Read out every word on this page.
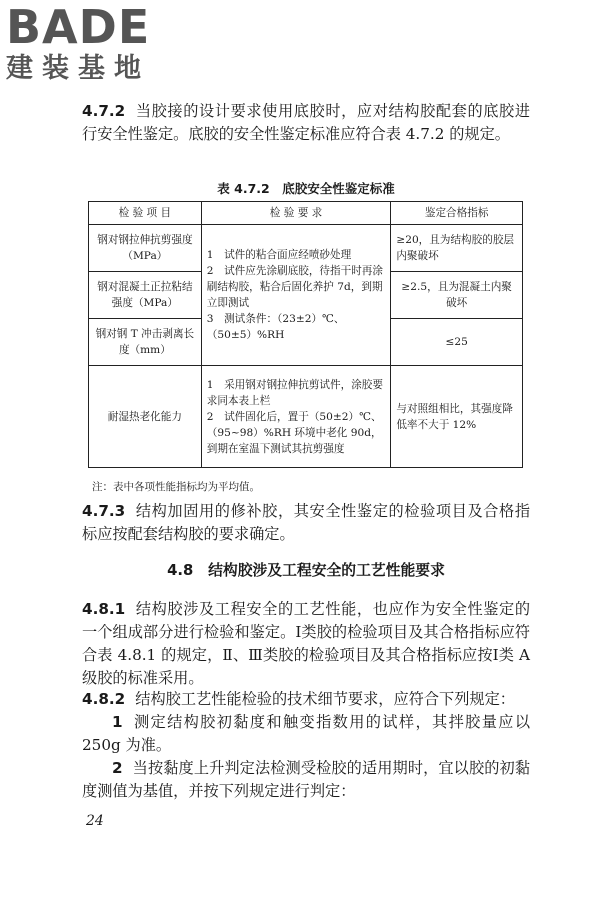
BADE
建装基地

4.7.2 当胶接的设计要求使用底胶时，应对结构胶配套的底胶进行安全性鉴定。底胶的安全性鉴定标准应符合表 4.7.2 的规定。

表 4.7.2　底胶安全性鉴定标准
检 验 项 目	检 验 要 求	鉴定合格指标
钢对钢拉伸抗剪强度（MPa）	1　试件的粘合面应经喷砂处理

2　试件应先涂刷底胶，待指干时再涂刷结构胶，粘合后固化养护 7d，到期立即测试

3　测试条件：（23±2）℃、（50±5）%RH	≥20，且为结构胶的胶层内聚破坏
钢对混凝土正拉粘结强度（MPa）		≥2.5，且为混凝土内聚破坏
钢对钢 T 冲击剥离长度（mm）		≤25
耐湿热老化能力	1　采用钢对钢拉伸抗剪试件，涂胶要求同本表上栏

2　试件固化后，置于（50±2）℃、（95~98）%RH 环境中老化 90d，到期在室温下测试其抗剪强度	与对照组相比，其强度降低率不大于 12%
注：表中各项性能指标均为平均值。

4.7.3 结构加固用的修补胶，其安全性鉴定的检验项目及合格指标应按配套结构胶的要求确定。

4.8　结构胶涉及工程安全的工艺性能要求

4.8.1 结构胶涉及工程安全的工艺性能，也应作为安全性鉴定的一个组成部分进行检验和鉴定。Ⅰ类胶的检验项目及其合格指标应符合表 4.8.1 的规定，Ⅱ、Ⅲ类胶的检验项目及其合格指标应按Ⅰ类 A 级胶的标准采用。

4.8.2 结构胶工艺性能检验的技术细节要求，应符合下列规定：

1 测定结构胶初黏度和触变指数用的试样，其拌胶量应以 250g 为准。

2 当按黏度上升判定法检测受检胶的适用期时，宜以胶的初黏度测值为基值，并按下列规定进行判定：

24
